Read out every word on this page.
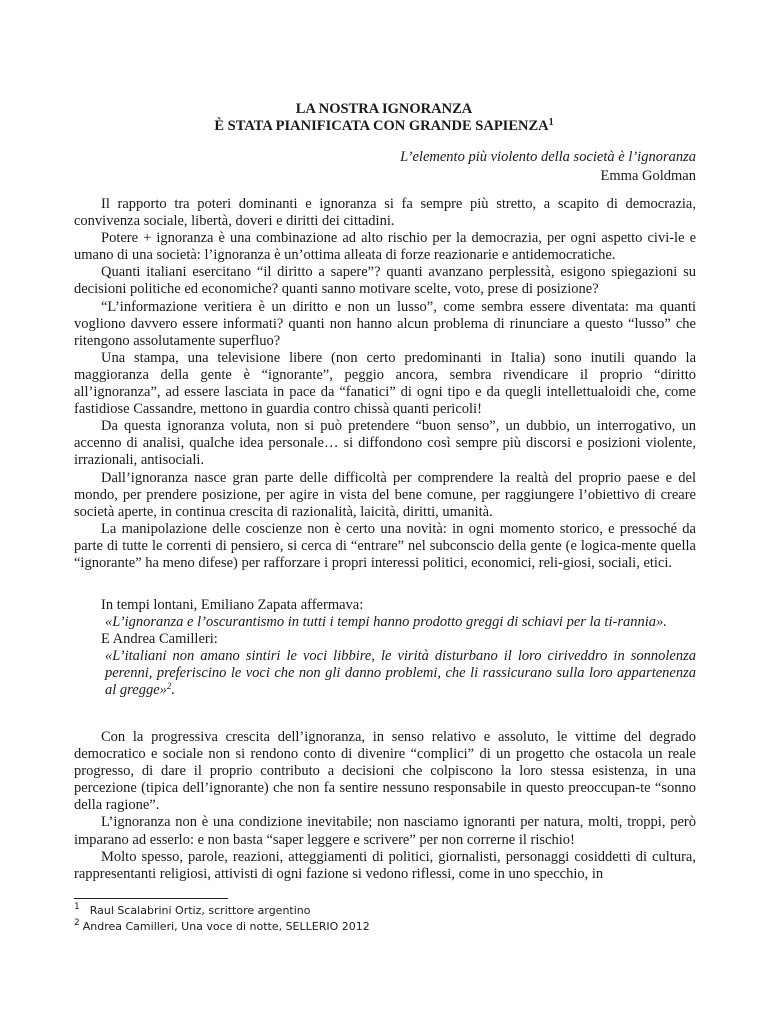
LA NOSTRA IGNORANZA
È STATA PIANIFICATA CON GRANDE SAPIENZA$^1$
L’elemento più violento della società è l’ignoranza
Emma Goldman

Il rapporto tra poteri dominanti e ignoranza si fa sempre più stretto, a scapito di democrazia, convivenza sociale, libertà, doveri e diritti dei cittadini.

Potere + ignoranza è una combinazione ad alto rischio per la democrazia, per ogni aspetto civi-le e umano di una società: l’ignoranza è un’ottima alleata di forze reazionarie e antidemocratiche.

Quanti italiani esercitano “il diritto a sapere”? quanti avanzano perplessità, esigono spiegazioni su decisioni politiche ed economiche? quanti sanno motivare scelte, voto, prese di posizione?

“L’informazione veritiera è un diritto e non un lusso”, come sembra essere diventata: ma quanti vogliono davvero essere informati? quanti non hanno alcun problema di rinunciare a questo “lusso” che ritengono assolutamente superfluo?

Una stampa, una televisione libere (non certo predominanti in Italia) sono inutili quando la maggioranza della gente è “ignorante”, peggio ancora, sembra rivendicare il proprio “diritto all’ignoranza”, ad essere lasciata in pace da “fanatici” di ogni tipo e da quegli intellettualoidi che, come fastidiose Cassandre, mettono in guardia contro chissà quanti pericoli!

Da questa ignoranza voluta, non si può pretendere “buon senso”, un dubbio, un interrogativo, un accenno di analisi, qualche idea personale… si diffondono così sempre più discorsi e posizioni violente, irrazionali, antisociali.

Dall’ignoranza nasce gran parte delle difficoltà per comprendere la realtà del proprio paese e del mondo, per prendere posizione, per agire in vista del bene comune, per raggiungere l’obiettivo di creare società aperte, in continua crescita di razionalità, laicità, diritti, umanità.

La manipolazione delle coscienze non è certo una novità: in ogni momento storico, e pressoché da parte di tutte le correnti di pensiero, si cerca di “entrare” nel subconscio della gente (e logica-mente quella “ignorante” ha meno difese) per rafforzare i propri interessi politici, economici, reli-giosi, sociali, etici.

In tempi lontani, Emiliano Zapata affermava:

«L’ignoranza e l’oscurantismo in tutti i tempi hanno prodotto greggi di schiavi per la ti-rannia».

E Andrea Camilleri:

«L’italiani non amano sintiri le voci libbire, le virità disturbano il loro ciriveddro in sonnolenza perenni, preferiscino le voci che non gli danno problemi, che li rassicurano sulla loro appartenenza al gregge»$^2$.

Con la progressiva crescita dell’ignoranza, in senso relativo e assoluto, le vittime del degrado democratico e sociale non si rendono conto di divenire “complici” di un progetto che ostacola un reale progresso, di dare il proprio contributo a decisioni che colpiscono la loro stessa esistenza, in una percezione (tipica dell’ignorante) che non fa sentire nessuno responsabile in questo preoccupan-te “sonno della ragione”.

L’ignoranza non è una condizione inevitabile; non nasciamo ignoranti per natura, molti, troppi, però imparano ad esserlo: e non basta “saper leggere e scrivere” per non correrne il rischio!

Molto spesso, parole, reazioni, atteggiamenti di politici, giornalisti, personaggi cosiddetti di cultura, rappresentanti religiosi, attivisti di ogni fazione si vedono riflessi, come in uno specchio, in

$^1$ Raul Scalabrini Ortiz, scrittore argentino
$^2$ Andrea Camilleri, Una voce di notte, SELLERIO 2012
